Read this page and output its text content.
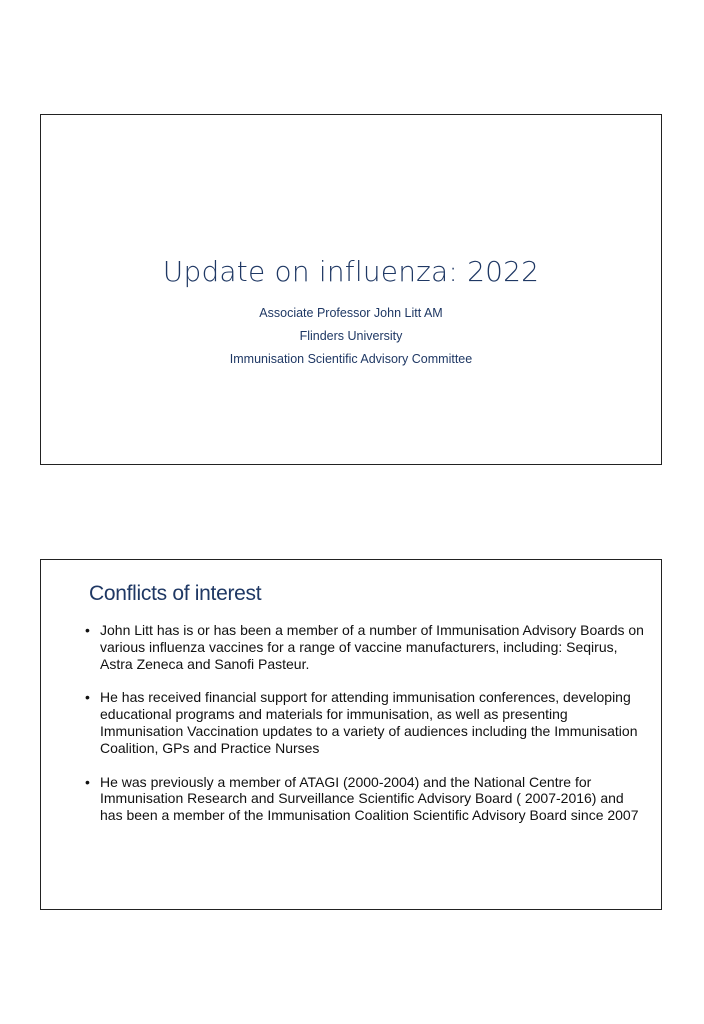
Update on influenza: 2022
Associate Professor John Litt AM
Flinders University
Immunisation Scientific Advisory Committee
Conflicts of interest
• John Litt has is or has been a member of a number of Immunisation Advisory Boards on various influenza vaccines for a range of vaccine manufacturers, including: Seqirus, Astra Zeneca and Sanofi Pasteur.
• He has received financial support for attending immunisation conferences, developing educational programs and materials for immunisation, as well as presenting Immunisation Vaccination updates to a variety of audiences including the Immunisation Coalition, GPs and Practice Nurses
• He was previously a member of ATAGI (2000-2004) and the National Centre for Immunisation Research and Surveillance Scientific Advisory Board ( 2007-2016) and has been a member of the Immunisation Coalition Scientific Advisory Board since 2007
